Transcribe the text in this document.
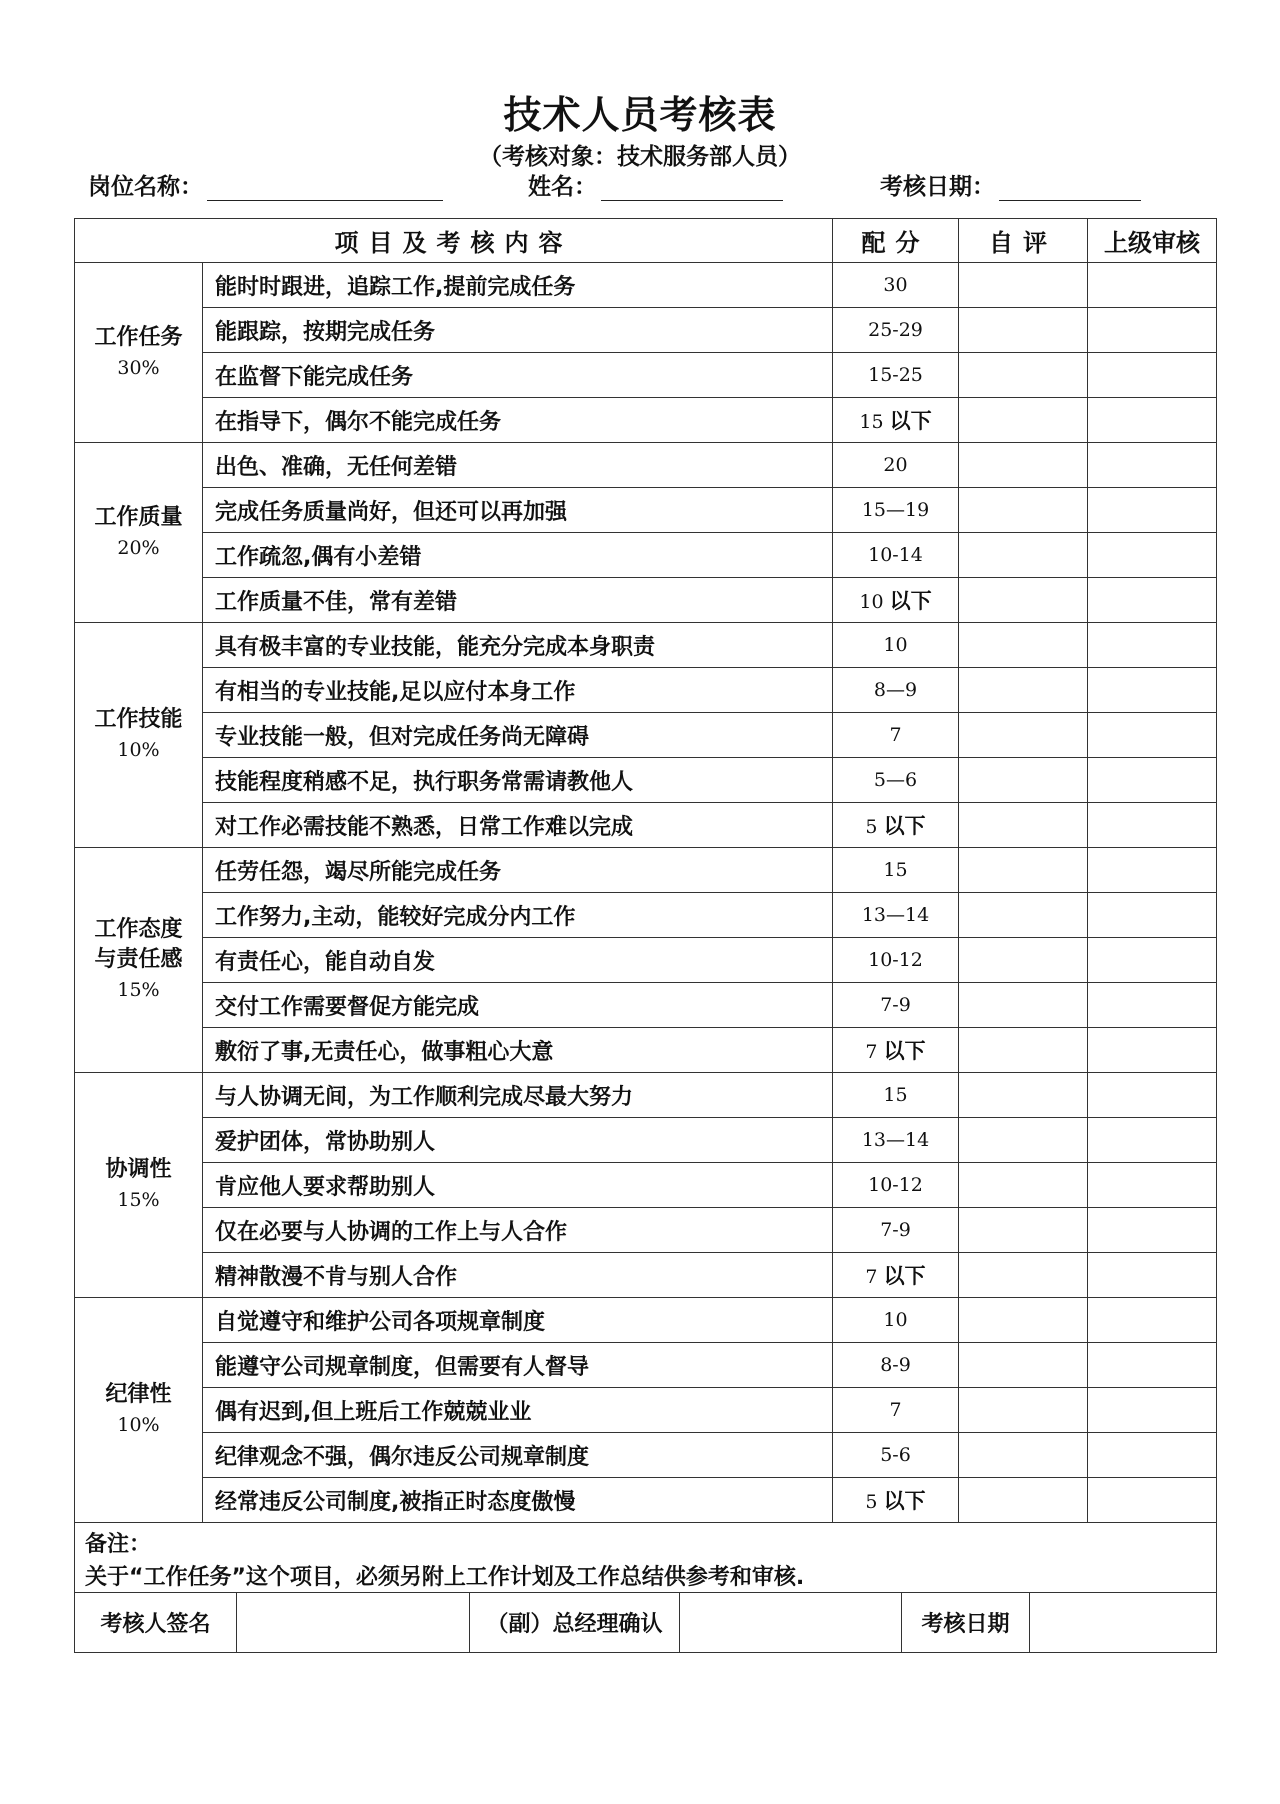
技术人员考核表
（考核对象：技术服务部人员）
岗位名称：	姓名：	考核日期：
项目及考核内容		配分	自评	上级审核

工作任务
30%	能时时跟进，追踪工作,提前完成任务	30		
	能跟踪，按期完成任务	25-29		
	在监督下能完成任务	15-25		
	在指导下，偶尔不能完成任务	15 以下		

工作质量
20%	出色、准确，无任何差错	20		
	完成任务质量尚好，但还可以再加强	15—19		
	工作疏忽,偶有小差错	10-14		
	工作质量不佳，常有差错	10 以下		

工作技能
10%	具有极丰富的专业技能，能充分完成本身职责	10		
	有相当的专业技能,足以应付本身工作	8—9		
	专业技能一般，但对完成任务尚无障碍	7		
	技能程度稍感不足，执行职务常需请教他人	5—6		
	对工作必需技能不熟悉，日常工作难以完成	5 以下		

工作态度
与责任感
15%	任劳任怨，竭尽所能完成任务	15		
	工作努力,主动，能较好完成分内工作	13—14		
	有责任心，能自动自发	10-12		
	交付工作需要督促方能完成	7-9		
	敷衍了事,无责任心，做事粗心大意	7 以下		

协调性
15%	与人协调无间，为工作顺利完成尽最大努力	15		
	爱护团体，常协助别人	13—14		
	肯应他人要求帮助别人	10-12		
	仅在必要与人协调的工作上与人合作	7-9		
	精神散漫不肯与别人合作	7 以下		

纪律性
10%	自觉遵守和维护公司各项规章制度	10		
	能遵守公司规章制度，但需要有人督导	8-9		
	偶有迟到,但上班后工作兢兢业业	7		
	纪律观念不强，偶尔违反公司规章制度	5-6		
	经常违反公司制度,被指正时态度傲慢	5 以下		

备注：
关于“工作任务”这个项目，必须另附上工作计划及工作总结供参考和审核.				
考核人签名		（副）总经理确认		考核日期	
